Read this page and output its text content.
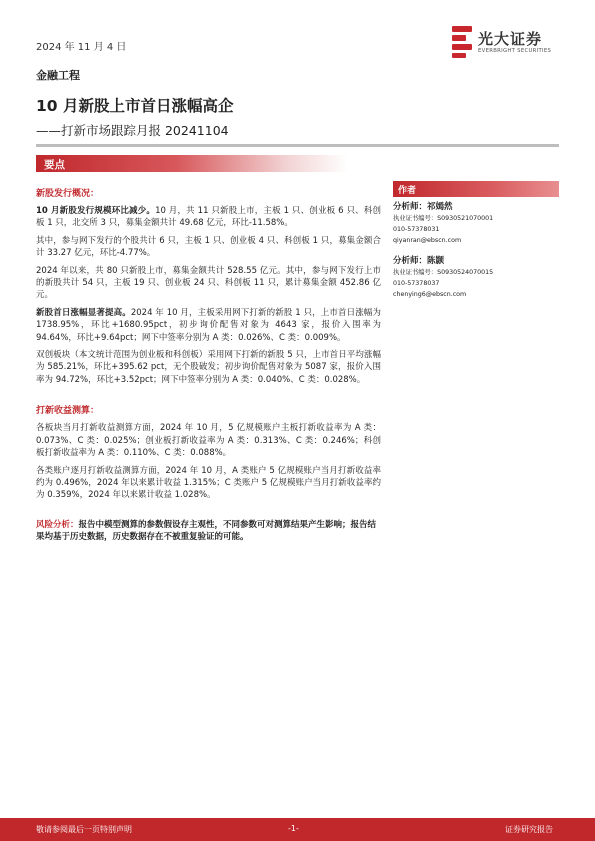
2024 年 11 月 4 日	光大证券
EVERBRIGHT SECURITIES
金融工程
10 月新股上市首日涨幅高企
——打新市场跟踪月报 20241104
要点

新股发行概况：

10 月新股发行规模环比减少。10 月，共 11 只新股上市，主板 1 只、创业板 6 只、科创板 1 只，北交所 3 只，募集金额共计 49.68 亿元，环比-11.58%。

其中，参与网下发行的个股共计 6 只，主板 1 只、创业板 4 只、科创板 1 只，募集金额合计 33.27 亿元，环比-4.77%。

2024 年以来，共 80 只新股上市，募集金额共计 528.55 亿元。其中，参与网下发行上市的新股共计 54 只，主板 19 只、创业板 24 只、科创板 11 只，累计募集金额 452.86 亿元。

新股首日涨幅显著提高。2024 年 10 月，主板采用网下打新的新股 1 只，上市首日涨幅为 1738.95%，环比+1680.95pct，初步询价配售对象为 4643 家，报价入围率为 94.64%，环比+9.64pct；网下中签率分别为 A 类：0.026%、C 类：0.009%。

双创板块（本文统计范围为创业板和科创板）采用网下打新的新股 5 只，上市首日平均涨幅为 585.21%，环比+395.62 pct，无个股破发；初步询价配售对象为 5087 家，报价入围率为 94.72%，环比+3.52pct；网下中签率分别为 A 类：0.040%、C 类：0.028%。

打新收益测算：

各板块当月打新收益测算方面，2024 年 10 月，5 亿规模账户主板打新收益率为 A 类：0.073%、C 类：0.025%；创业板打新收益率为 A 类：0.313%、C 类：0.246%；科创板打新收益率为 A 类：0.110%、C 类：0.088%。

各类账户逐月打新收益测算方面，2024 年 10 月，A 类账户 5 亿规模账户当月打新收益率约为 0.496%，2024 年以来累计收益 1.315%；C 类账户 5 亿规模账户当月打新收益率约为 0.359%，2024 年以来累计收益 1.028%。

风险分析：报告中模型测算的参数假设存主观性，不同参数可对测算结果产生影响；报告结果均基于历史数据，历史数据存在不被重复验证的可能。

作者

分析师：祁嫣然

执业证书编号：S0930521070001

010-57378031

qiyanran@ebscn.com

分析师：陈颢

执业证书编号：S0930524070015

010-57378037

chenying6@ebscn.com

敬请参阅最后一页特别声明	-1-	证券研究报告
